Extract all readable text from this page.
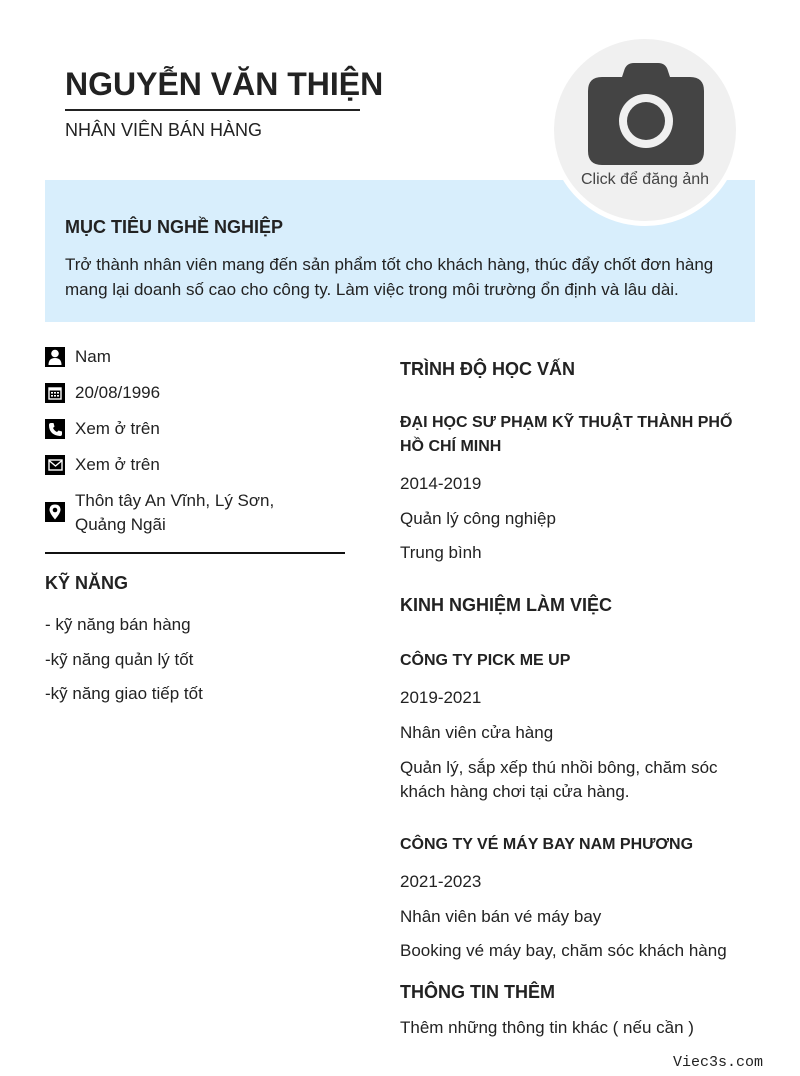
NGUYỄN VĂN THIỆN
NHÂN VIÊN BÁN HÀNG
MỤC TIÊU NGHỀ NGHIỆP
Trở thành nhân viên mang đến sản phẩm tốt cho khách hàng, thúc đẩy chốt đơn hàng mang lại doanh số cao cho công ty. Làm việc trong môi trường ổn định và lâu dài.
Click để đăng ảnh
Nam
20/08/1996
Xem ở trên
Xem ở trên
Thôn tây An Vĩnh, Lý Sơn, Quảng Ngãi
KỸ NĂNG
- kỹ năng bán hàng
-kỹ năng quản lý tốt
-kỹ năng giao tiếp tốt
TRÌNH ĐỘ HỌC VẤN
ĐẠI HỌC SƯ PHẠM KỸ THUẬT THÀNH PHỐ HỒ CHÍ MINH
2014-2019
Quản lý công nghiệp
Trung bình
KINH NGHIỆM LÀM VIỆC
CÔNG TY PICK ME UP
2019-2021
Nhân viên cửa hàng
Quản lý, sắp xếp thú nhồi bông, chăm sóc khách hàng chơi tại cửa hàng.
CÔNG TY VÉ MÁY BAY NAM PHƯƠNG
2021-2023
Nhân viên bán vé máy bay
Booking vé máy bay, chăm sóc khách hàng
THÔNG TIN THÊM
Thêm những thông tin khác ( nếu cần )
Viec3s.com
